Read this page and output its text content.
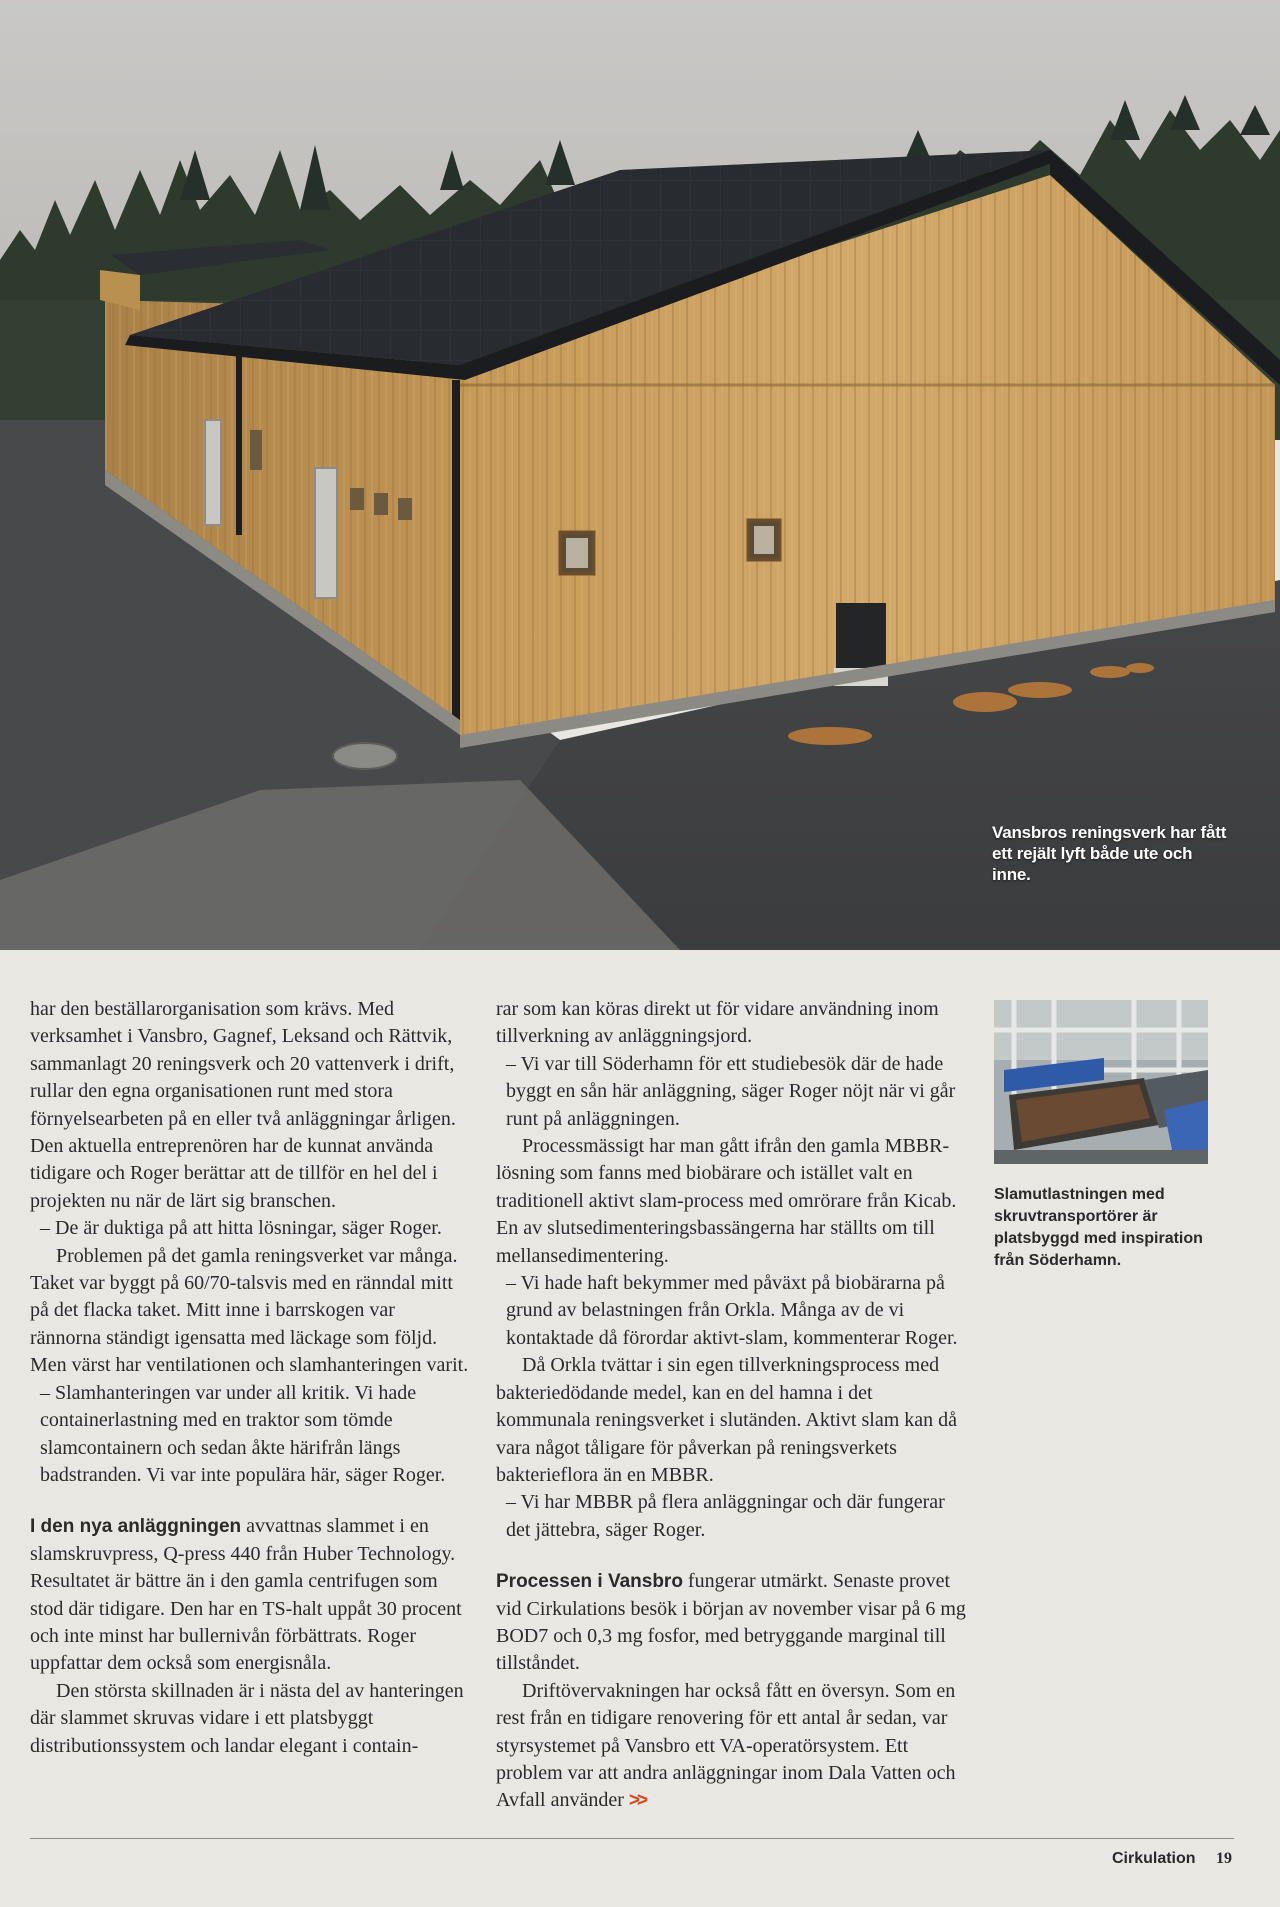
Vansbros reningsverk har fått ett rejält lyft både ute och inne.

har den beställarorganisation som krävs. Med verksamhet i Vansbro, Gagnef, Leksand och Rättvik, sammanlagt 20 reningsverk och 20 vattenverk i drift, rullar den egna organisationen runt med stora förnyelsearbeten på en eller två anläggningar årligen. Den aktuella entreprenören har de kunnat använda tidigare och Roger berättar att de tillför en hel del i projekten nu när de lärt sig branschen.

– De är duktiga på att hitta lösningar, säger Roger.

Problemen på det gamla reningsverket var många. Taket var byggt på 60/70-talsvis med en ränndal mitt på det flacka taket. Mitt inne i barrskogen var rännorna ständigt igensatta med läckage som följd. Men värst har ventilationen och slamhanteringen varit.

– Slamhanteringen var under all kritik. Vi hade containerlastning med en traktor som tömde slamcontainern och sedan åkte härifrån längs badstranden. Vi var inte populära här, säger Roger.

I den nya anläggningen avvattnas slammet i en slamskruvpress, Q-press 440 från Huber Technology. Resultatet är bättre än i den gamla centrifugen som stod där tidigare. Den har en TS-halt uppåt 30 procent och inte minst har bullernivån förbättrats. Roger uppfattar dem också som energisnåla.

Den största skillnaden är i nästa del av hanteringen där slammet skruvas vidare i ett platsbyggt distributionssystem och landar elegant i contain-

rar som kan köras direkt ut för vidare användning inom tillverkning av anläggningsjord.

– Vi var till Söderhamn för ett studiebesök där de hade byggt en sån här anläggning, säger Roger nöjt när vi går runt på anläggningen.

Processmässigt har man gått ifrån den gamla MBBR-lösning som fanns med biobärare och istället valt en traditionell aktivt slam-process med omrörare från Kicab. En av slutsedimenteringsbassängerna har ställts om till mellansedimentering.

– Vi hade haft bekymmer med påväxt på biobärarna på grund av belastningen från Orkla. Många av de vi kontaktade då förordar aktivt-slam, kommenterar Roger.

Då Orkla tvättar i sin egen tillverkningsprocess med bakteriedödande medel, kan en del hamna i det kommunala reningsverket i slutänden. Aktivt slam kan då vara något tåligare för påverkan på reningsverkets bakterieflora än en MBBR.

– Vi har MBBR på flera anläggningar och där fungerar det jättebra, säger Roger.

Processen i Vansbro fungerar utmärkt. Senaste provet vid Cirkulations besök i början av november visar på 6 mg BOD7 och 0,3 mg fosfor, med betryggande marginal till tillståndet.

Driftövervakningen har också fått en översyn. Som en rest från en tidigare renovering för ett antal år sedan, var styrsystemet på Vansbro ett VA-operatörsystem. Ett problem var att andra anläggningar inom Dala Vatten och Avfall använder >>

Slamutlastningen med skruvtransportörer är platsbyggd med inspiration från Söderhamn.
Cirkulation 19
